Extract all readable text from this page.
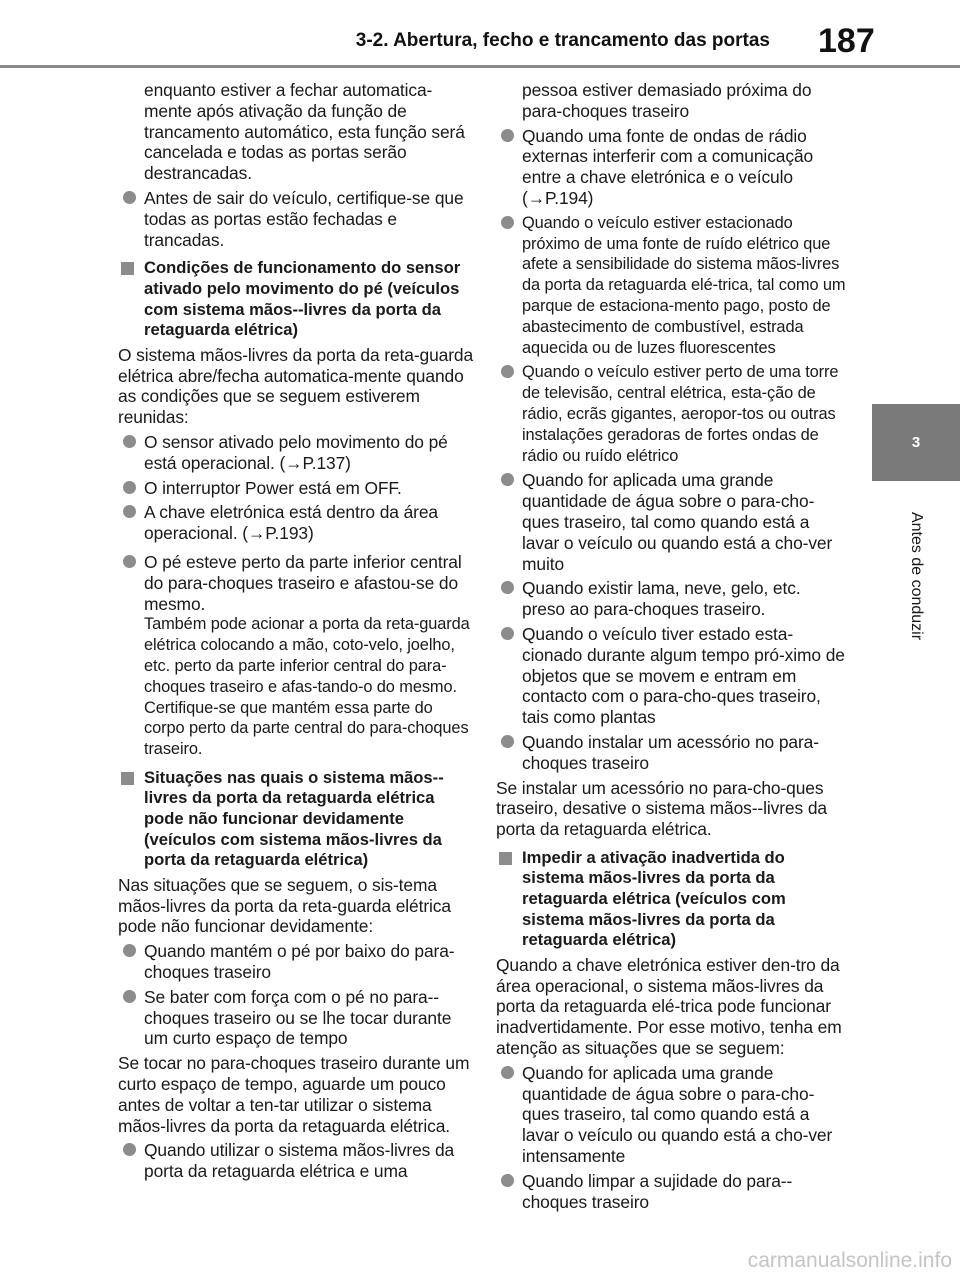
3-2. Abertura, fecho e trancamento das portas 187
3
Antes de conduzir

enquanto estiver a fechar automatica-mente após ativação da função de trancamento automático, esta função será cancelada e todas as portas serão destrancadas.

Antes de sair do veículo, certifique-se que todas as portas estão fechadas e trancadas.
Condições de funcionamento do sensor ativado pelo movimento do pé (veículos com sistema mãos--livres da porta da retaguarda elétrica)

O sistema mãos-livres da porta da reta-guarda elétrica abre/fecha automatica-mente quando as condições que se seguem estiverem reunidas:

O sensor ativado pelo movimento do pé está operacional. (→P.137)
O interruptor Power está em OFF.
A chave eletrónica está dentro da área operacional. (→P.193)
O pé esteve perto da parte inferior central do para-choques traseiro e afastou-se do mesmo.
Também pode acionar a porta da reta-guarda elétrica colocando a mão, coto-velo, joelho, etc. perto da parte inferior central do para-choques traseiro e afas-tando-o do mesmo. Certifique-se que mantém essa parte do corpo perto da parte central do para-choques traseiro.
Situações nas quais o sistema mãos--livres da porta da retaguarda elétrica pode não funcionar devidamente (veículos com sistema mãos-livres da porta da retaguarda elétrica)

Nas situações que se seguem, o sis-tema mãos-livres da porta da reta-guarda elétrica pode não funcionar devidamente:

Quando mantém o pé por baixo do para-choques traseiro
Se bater com força com o pé no para--choques traseiro ou se lhe tocar durante um curto espaço de tempo

Se tocar no para-choques traseiro durante um curto espaço de tempo, aguarde um pouco antes de voltar a ten-tar utilizar o sistema mãos-livres da porta da retaguarda elétrica.

Quando utilizar o sistema mãos-livres da porta da retaguarda elétrica e uma

pessoa estiver demasiado próxima do para-choques traseiro

Quando uma fonte de ondas de rádio externas interferir com a comunicação entre a chave eletrónica e o veículo (→P.194)
Quando o veículo estiver estacionado próximo de uma fonte de ruído elétrico que afete a sensibilidade do sistema mãos-livres da porta da retaguarda elé-trica, tal como um parque de estaciona-mento pago, posto de abastecimento de combustível, estrada aquecida ou de luzes fluorescentes
Quando o veículo estiver perto de uma torre de televisão, central elétrica, esta-ção de rádio, ecrãs gigantes, aeropor-tos ou outras instalações geradoras de fortes ondas de rádio ou ruído elétrico
Quando for aplicada uma grande quantidade de água sobre o para-cho-ques traseiro, tal como quando está a lavar o veículo ou quando está a cho-ver muito
Quando existir lama, neve, gelo, etc. preso ao para-choques traseiro.
Quando o veículo tiver estado esta-cionado durante algum tempo pró-ximo de objetos que se movem e entram em contacto com o para-cho-ques traseiro, tais como plantas
Quando instalar um acessório no para-choques traseiro

Se instalar um acessório no para-cho-ques traseiro, desative o sistema mãos--livres da porta da retaguarda elétrica.

Impedir a ativação inadvertida do sistema mãos-livres da porta da retaguarda elétrica (veículos com sistema mãos-livres da porta da retaguarda elétrica)

Quando a chave eletrónica estiver den-tro da área operacional, o sistema mãos-livres da porta da retaguarda elé-trica pode funcionar inadvertidamente. Por esse motivo, tenha em atenção as situações que se seguem:

Quando for aplicada uma grande quantidade de água sobre o para-cho-ques traseiro, tal como quando está a lavar o veículo ou quando está a cho-ver intensamente
Quando limpar a sujidade do para--choques traseiro
carmanualsonline.info
